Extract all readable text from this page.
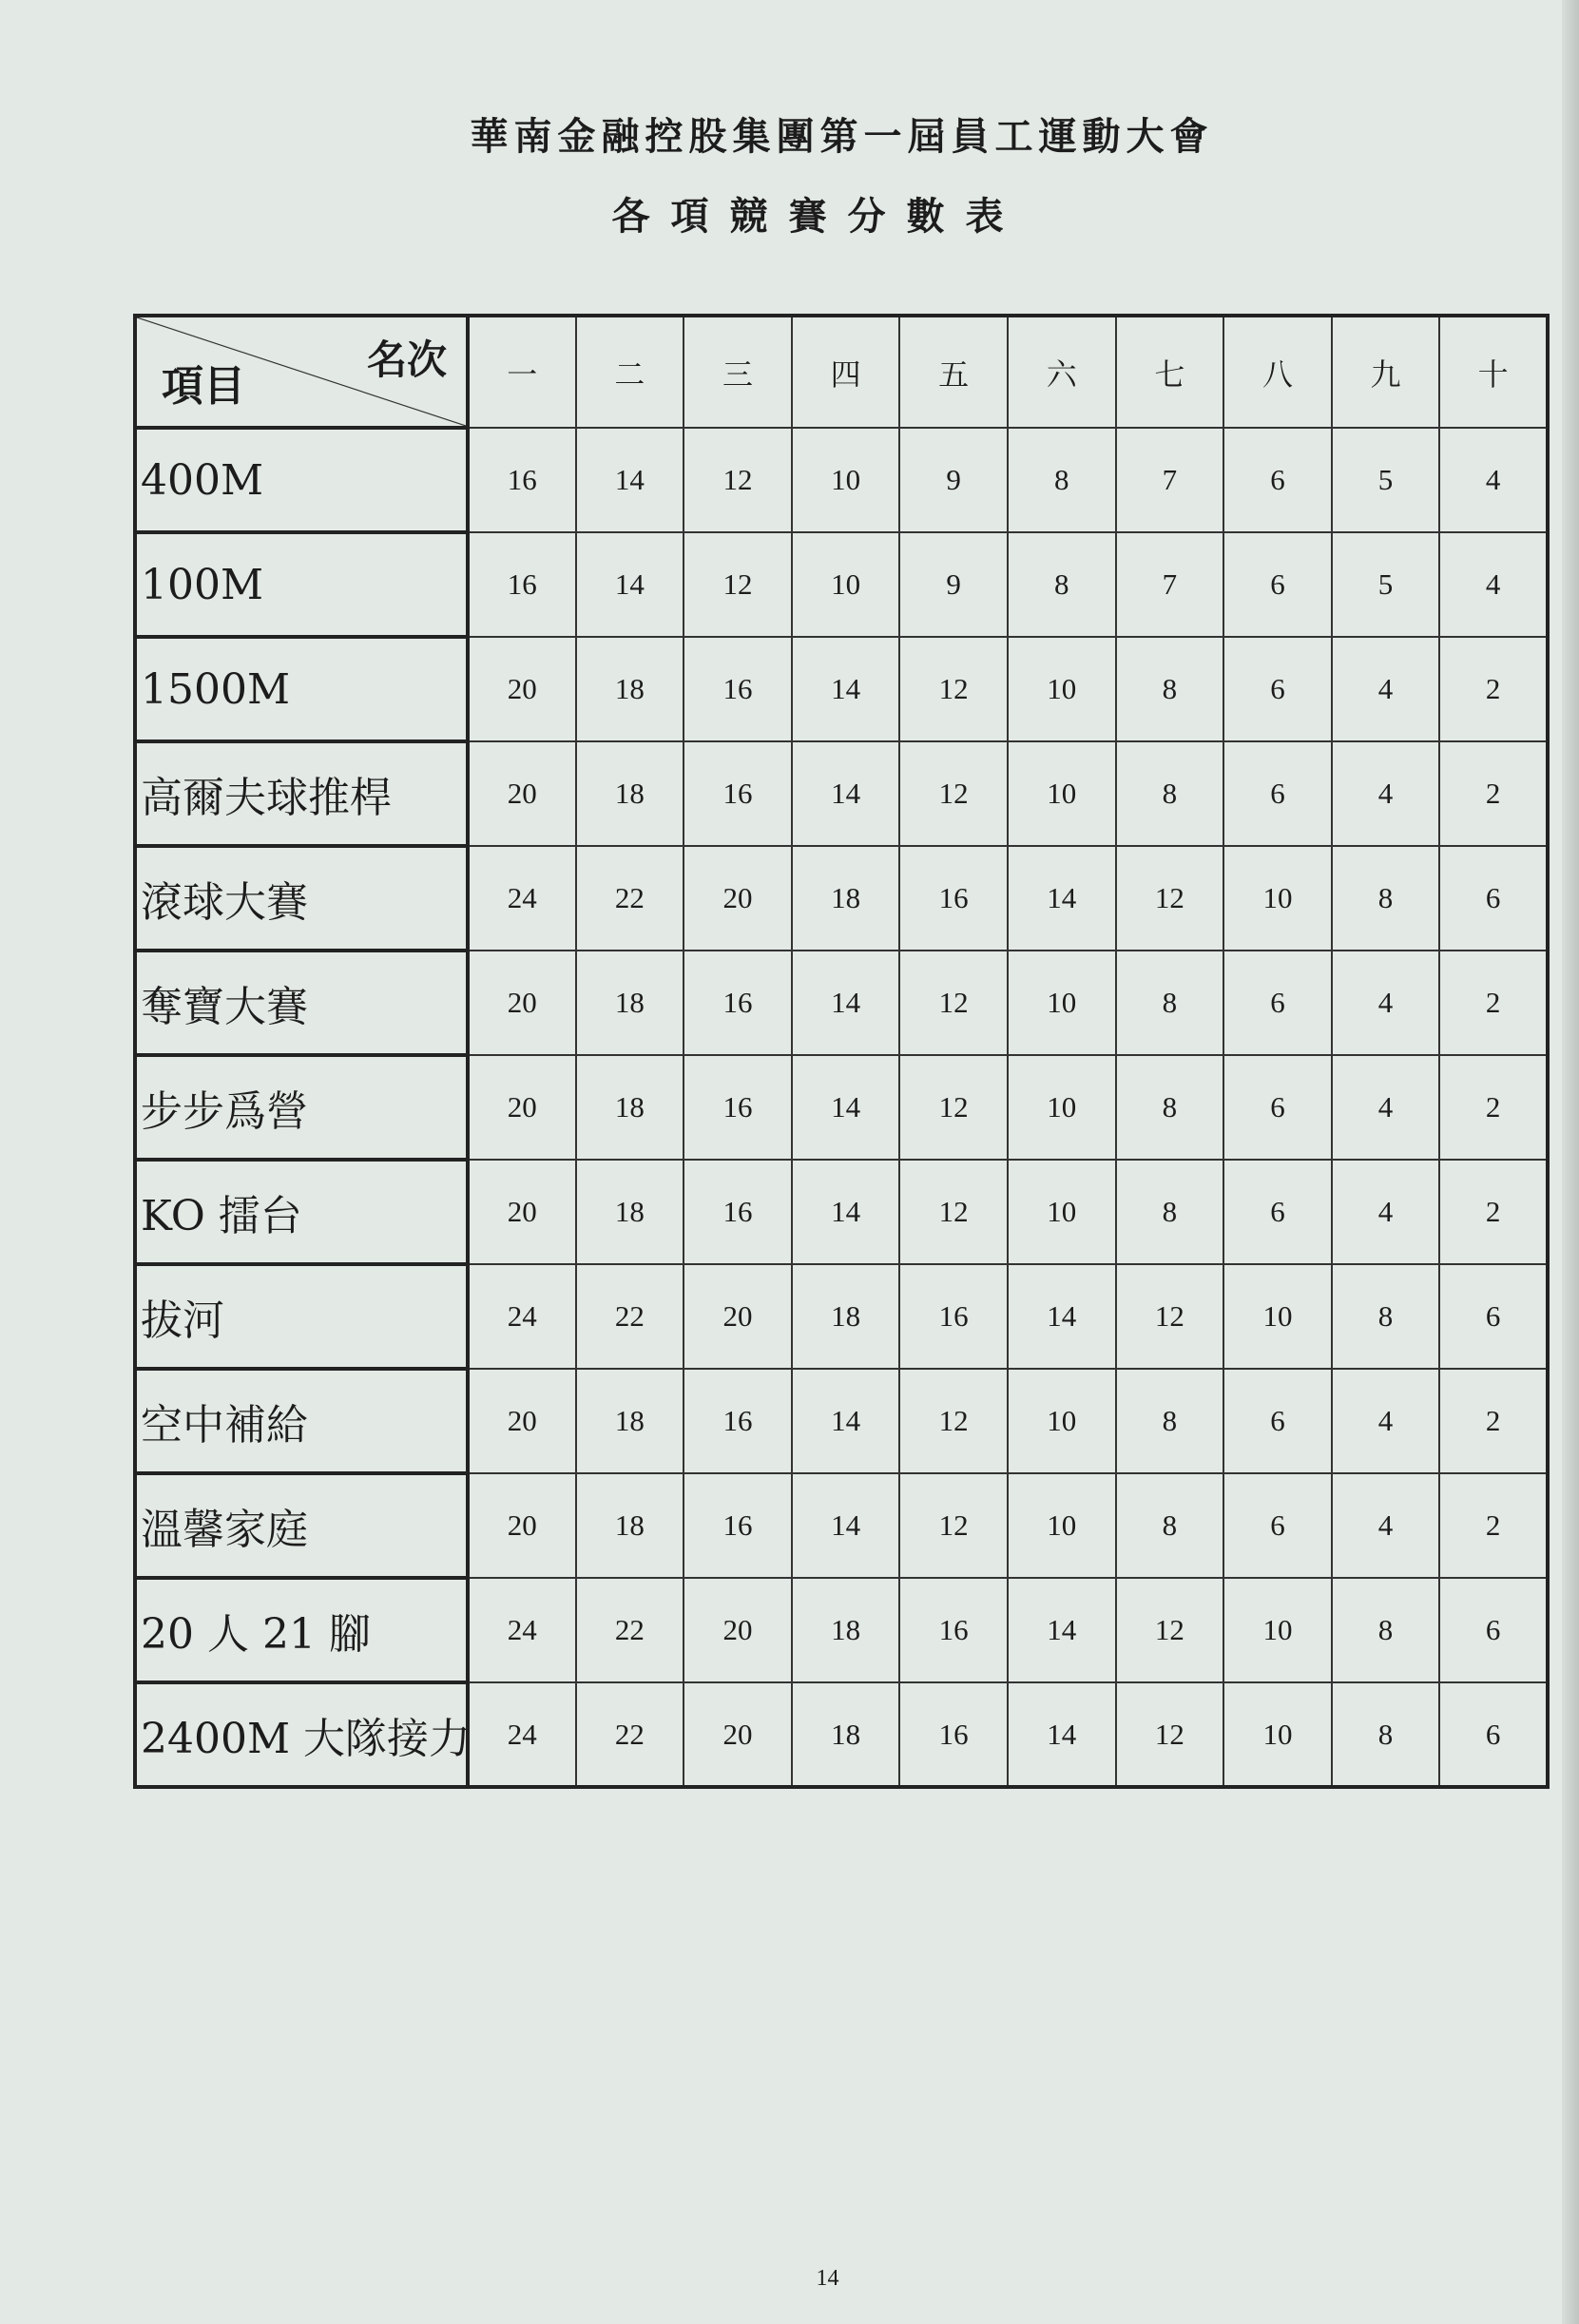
華南金融控股集團第一屆員工運動大會
各項競賽分數表
項目
名次	一	二	三	四	五	六	七	八	九	十
400M	16	14	12	10	9	8	7	6	5	4
100M	16	14	12	10	9	8	7	6	5	4
1500M	20	18	16	14	12	10	8	6	4	2
高爾夫球推桿	20	18	16	14	12	10	8	6	4	2
滾球大賽	24	22	20	18	16	14	12	10	8	6
奪寶大賽	20	18	16	14	12	10	8	6	4	2
步步爲營	20	18	16	14	12	10	8	6	4	2
KO 擂台	20	18	16	14	12	10	8	6	4	2
拔河	24	22	20	18	16	14	12	10	8	6
空中補給	20	18	16	14	12	10	8	6	4	2
溫馨家庭	20	18	16	14	12	10	8	6	4	2
20 人 21 腳	24	22	20	18	16	14	12	10	8	6
2400M 大隊接力	24	22	20	18	16	14	12	10	8	6
14
